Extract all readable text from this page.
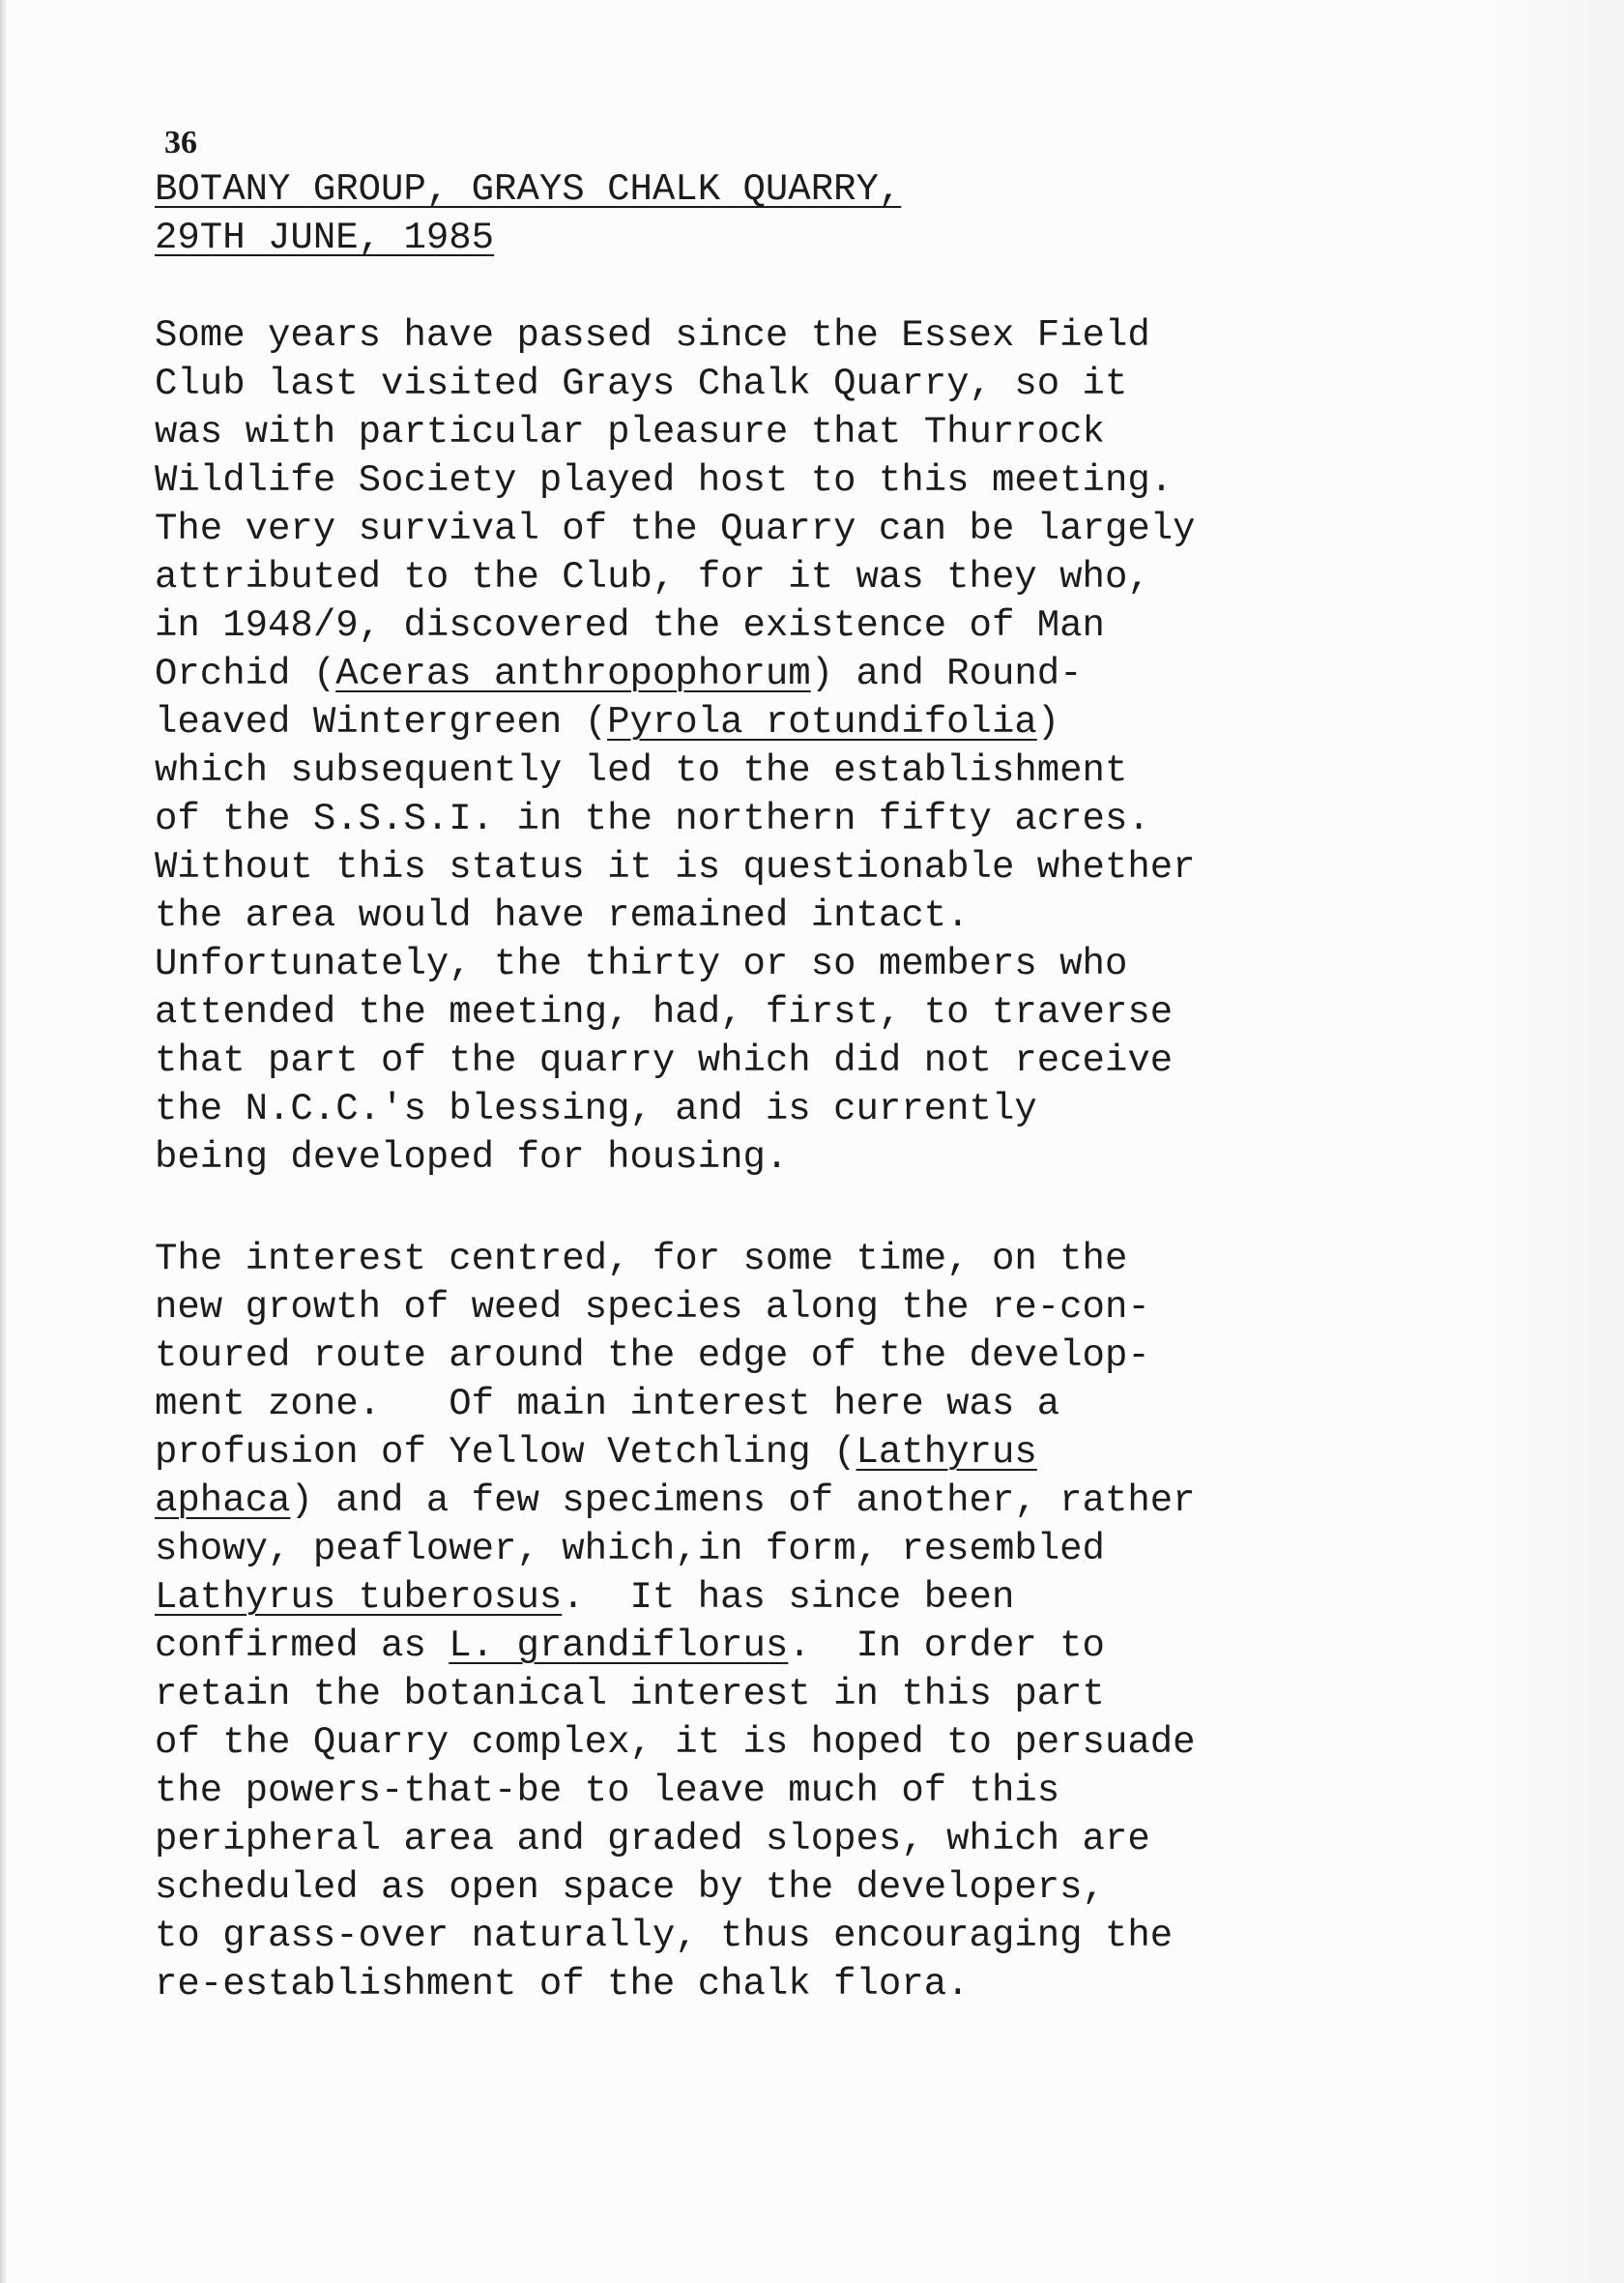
36

BOTANY GROUP, GRAYS CHALK QUARRY,

29TH JUNE, 1985

Some years have passed since the Essex Field
Club last visited Grays Chalk Quarry, so it
was with particular pleasure that Thurrock
Wildlife Society played host to this meeting.
The very survival of the Quarry can be largely
attributed to the Club, for it was they who,
in 1948/9, discovered the existence of Man
Orchid (Aceras anthropophorum) and Round-
leaved Wintergreen (Pyrola rotundifolia)
which subsequently led to the establishment
of the S.S.S.I. in the northern fifty acres.
Without this status it is questionable whether
the area would have remained intact.
Unfortunately, the thirty or so members who
attended the meeting, had, first, to traverse
that part of the quarry which did not receive
the N.C.C.'s blessing, and is currently
being developed for housing.

The interest centred, for some time, on the
new growth of weed species along the re-con-
toured route around the edge of the develop-
ment zone.   Of main interest here was a
profusion of Yellow Vetchling (Lathyrus
aphaca) and a few specimens of another, rather
showy, peaflower, which,in form, resembled
Lathyrus tuberosus.  It has since been
confirmed as L. grandiflorus.  In order to
retain the botanical interest in this part
of the Quarry complex, it is hoped to persuade
the powers-that-be to leave much of this
peripheral area and graded slopes, which are
scheduled as open space by the developers,
to grass-over naturally, thus encouraging the
re-establishment of the chalk flora.
